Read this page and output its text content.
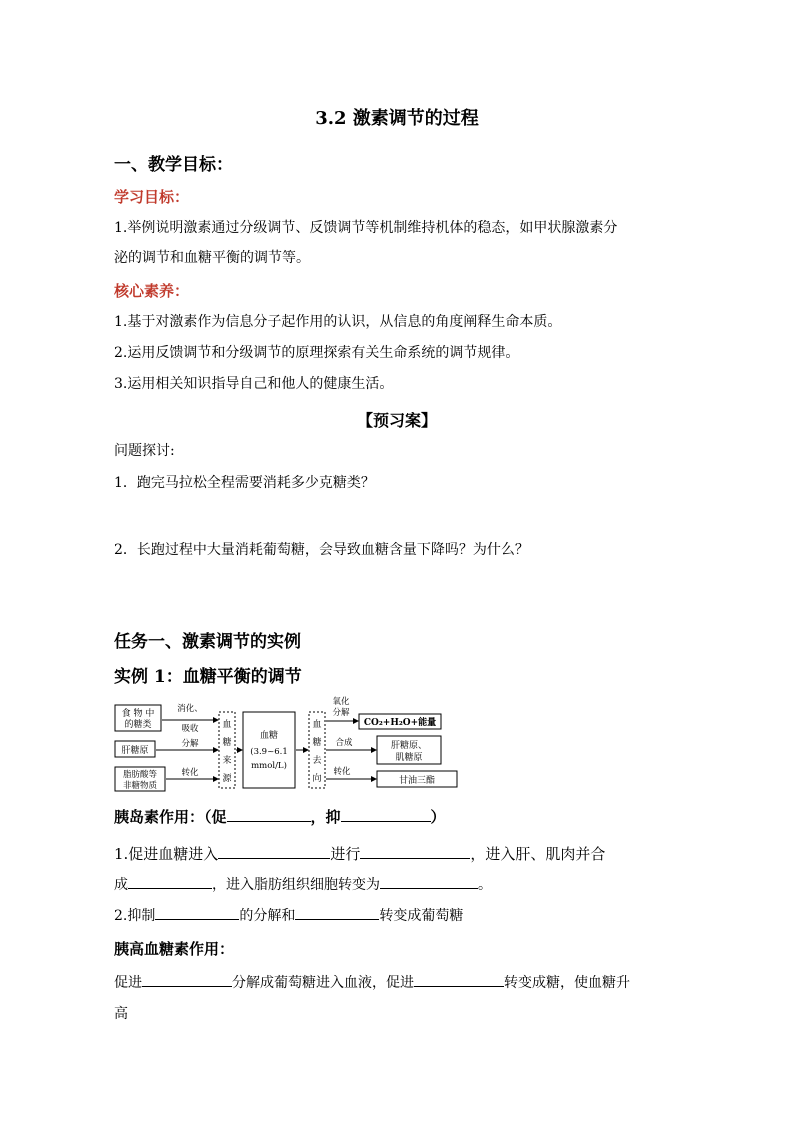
3.2 激素调节的过程
一、教学目标：
学习目标：
1.举例说明激素通过分级调节、反馈调节等机制维持机体的稳态，如甲状腺激素分
泌的调节和血糖平衡的调节等。
核心素养：
1.基于对激素作为信息分子起作用的认识，从信息的角度阐释生命本质。
2.运用反馈调节和分级调节的原理探索有关生命系统的调节规律。
3.运用相关知识指导自己和他人的健康生活。
【预习案】
问题探讨:
1．跑完马拉松全程需要消耗多少克糖类？
2．长跑过程中大量消耗葡萄糖，会导致血糖含量下降吗？为什么？
任务一、激素调节的实例
实例 1：血糖平衡的调节
食 物 中
的糖类
肝糖原
脂肪酸等
非糖物质
消化、
吸收
分解
转化
血
糖
来
源
血糖
(3.9~6.1
mmol/L)
血
糖
去
向
氧化
分解
合成
转化
CO₂+H₂O+能量
肝糖原、
肌糖原
甘油三酯
胰岛素作用：（促	，抑	）
1.促进血糖进入	进行	，进入肝、肌肉并合
成	，进入脂肪组织细胞转变为	。
2.抑制	的分解和	转变成葡萄糖
胰高血糖素作用：
促进	分解成葡萄糖进入血液，促进	转变成糖，使血糖升
高
